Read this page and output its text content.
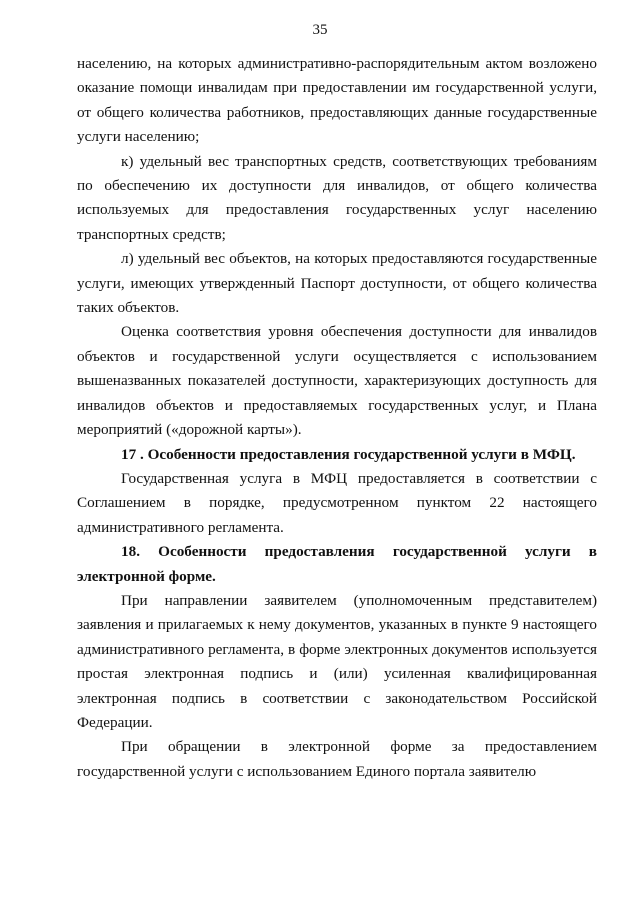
35

населению, на которых административно-распорядительным актом возложено оказание помощи инвалидам при предоставлении им государственной услуги, от общего количества работников, предоставляющих данные государственные услуги населению;

к) удельный вес транспортных средств, соответствующих требованиям по обеспечению их доступности для инвалидов, от общего количества используемых для предоставления государственных услуг населению транспортных средств;

л) удельный вес объектов, на которых предоставляются государственные услуги, имеющих утвержденный Паспорт доступности, от общего количества таких объектов.

Оценка соответствия уровня обеспечения доступности для инвалидов объектов и государственной услуги осуществляется с использованием вышеназванных показателей доступности, характеризующих доступность для инвалидов объектов и предоставляемых государственных услуг, и Плана мероприятий («дорожной карты»).

17 . Особенности предоставления государственной услуги в МФЦ.

Государственная услуга в МФЦ предоставляется в соответствии с Соглашением в порядке, предусмотренном пунктом 22 настоящего административного регламента.

18. Особенности предоставления государственной услуги в электронной форме.

При направлении заявителем (уполномоченным представителем) заявления и прилагаемых к нему документов, указанных в пункте 9 настоящего административного регламента, в форме электронных документов используется простая электронная подпись и (или) усиленная квалифицированная электронная подпись в соответствии с законодательством Российской Федерации.

При обращении в электронной форме за предоставлением государственной услуги с использованием Единого портала заявителю
